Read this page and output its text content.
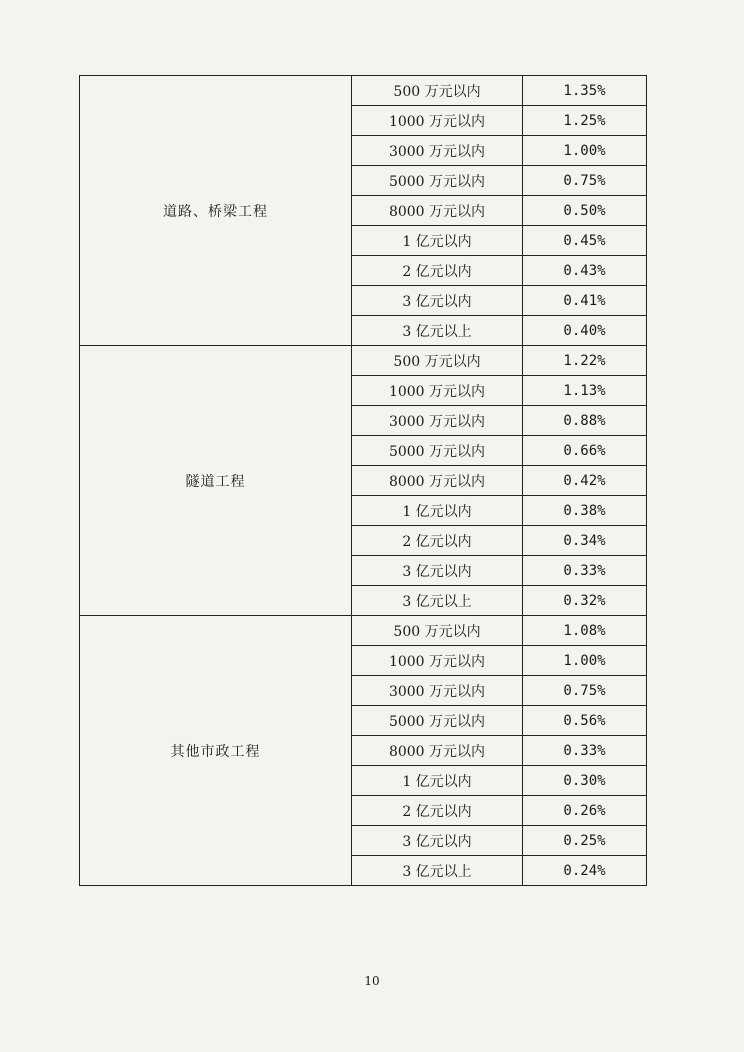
道路、桥梁工程	500 万元以内	1.35%
	1000 万元以内	1.25%
	3000 万元以内	1.00%
	5000 万元以内	0.75%
	8000 万元以内	0.50%
	1 亿元以内	0.45%
	2 亿元以内	0.43%
	3 亿元以内	0.41%
	3 亿元以上	0.40%
隧道工程	500 万元以内	1.22%
	1000 万元以内	1.13%
	3000 万元以内	0.88%
	5000 万元以内	0.66%
	8000 万元以内	0.42%
	1 亿元以内	0.38%
	2 亿元以内	0.34%
	3 亿元以内	0.33%
	3 亿元以上	0.32%
其他市政工程	500 万元以内	1.08%
	1000 万元以内	1.00%
	3000 万元以内	0.75%
	5000 万元以内	0.56%
	8000 万元以内	0.33%
	1 亿元以内	0.30%
	2 亿元以内	0.26%
	3 亿元以内	0.25%
	3 亿元以上	0.24%
10
